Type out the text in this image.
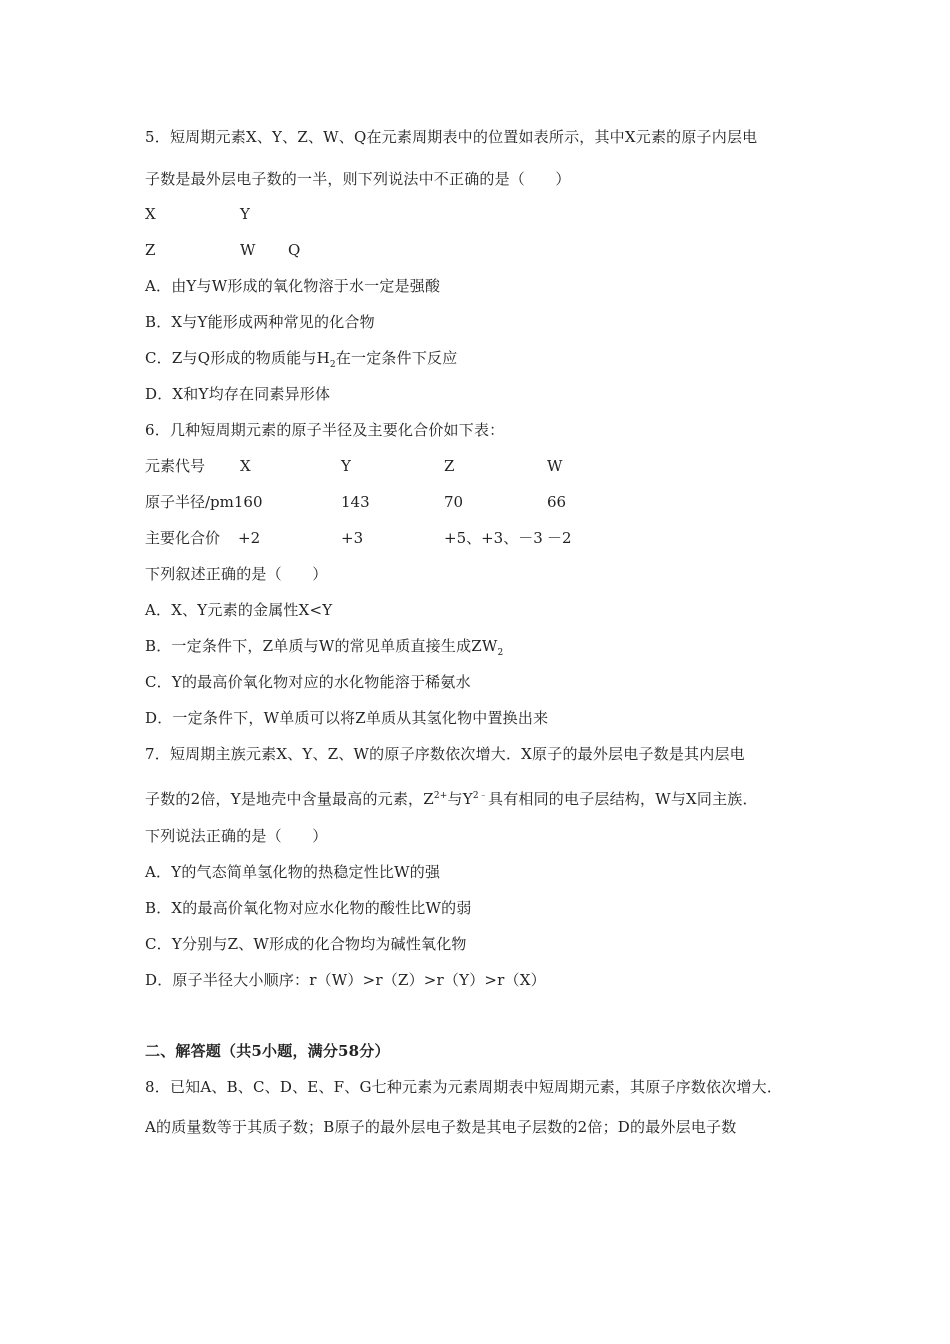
5．短周期元素X、Y、Z、W、Q在元素周期表中的位置如表所示，其中X元素的原子内层电
子数是最外层电子数的一半，则下列说法中不正确的是（　　）
X	Y
Z	W Q
A．由Y与W形成的氧化物溶于水一定是强酸
B．X与Y能形成两种常见的化合物
C．Z与Q形成的物质能与$H_2$在一定条件下反应
D．X和Y均存在同素异形体
6．几种短周期元素的原子半径及主要化合价如下表：
元素代号 X	Y	Z	W
原子半径/pm160	143	70	66
主要化合价 +2	+3	+5、+3、－3 －2
下列叙述正确的是（　　）
A．X、Y元素的金属性X<Y
B．一定条件下，Z单质与W的常见单质直接生成$ZW_2$
C．Y的最高价氧化物对应的水化物能溶于稀氨水
D．一定条件下，W单质可以将Z单质从其氢化物中置换出来
7．短周期主族元素X、Y、Z、W的原子序数依次增大．X原子的最外层电子数是其内层电
子数的2倍，Y是地壳中含量最高的元素，$Z^{2+}$与$Y^{2﹣}$具有相同的电子层结构，W与X同主族．
下列说法正确的是（　　）
A．Y的气态简单氢化物的热稳定性比W的强
B．X的最高价氧化物对应水化物的酸性比W的弱
C．Y分别与Z、W形成的化合物均为碱性氧化物
D．原子半径大小顺序：r（W）>r（Z）>r（Y）>r（X）
二、解答题（共5小题，满分58分）
8．已知A、B、C、D、E、F、G七种元素为元素周期表中短周期元素，其原子序数依次增大．
A的质量数等于其质子数；B原子的最外层电子数是其电子层数的2倍；D的最外层电子数
